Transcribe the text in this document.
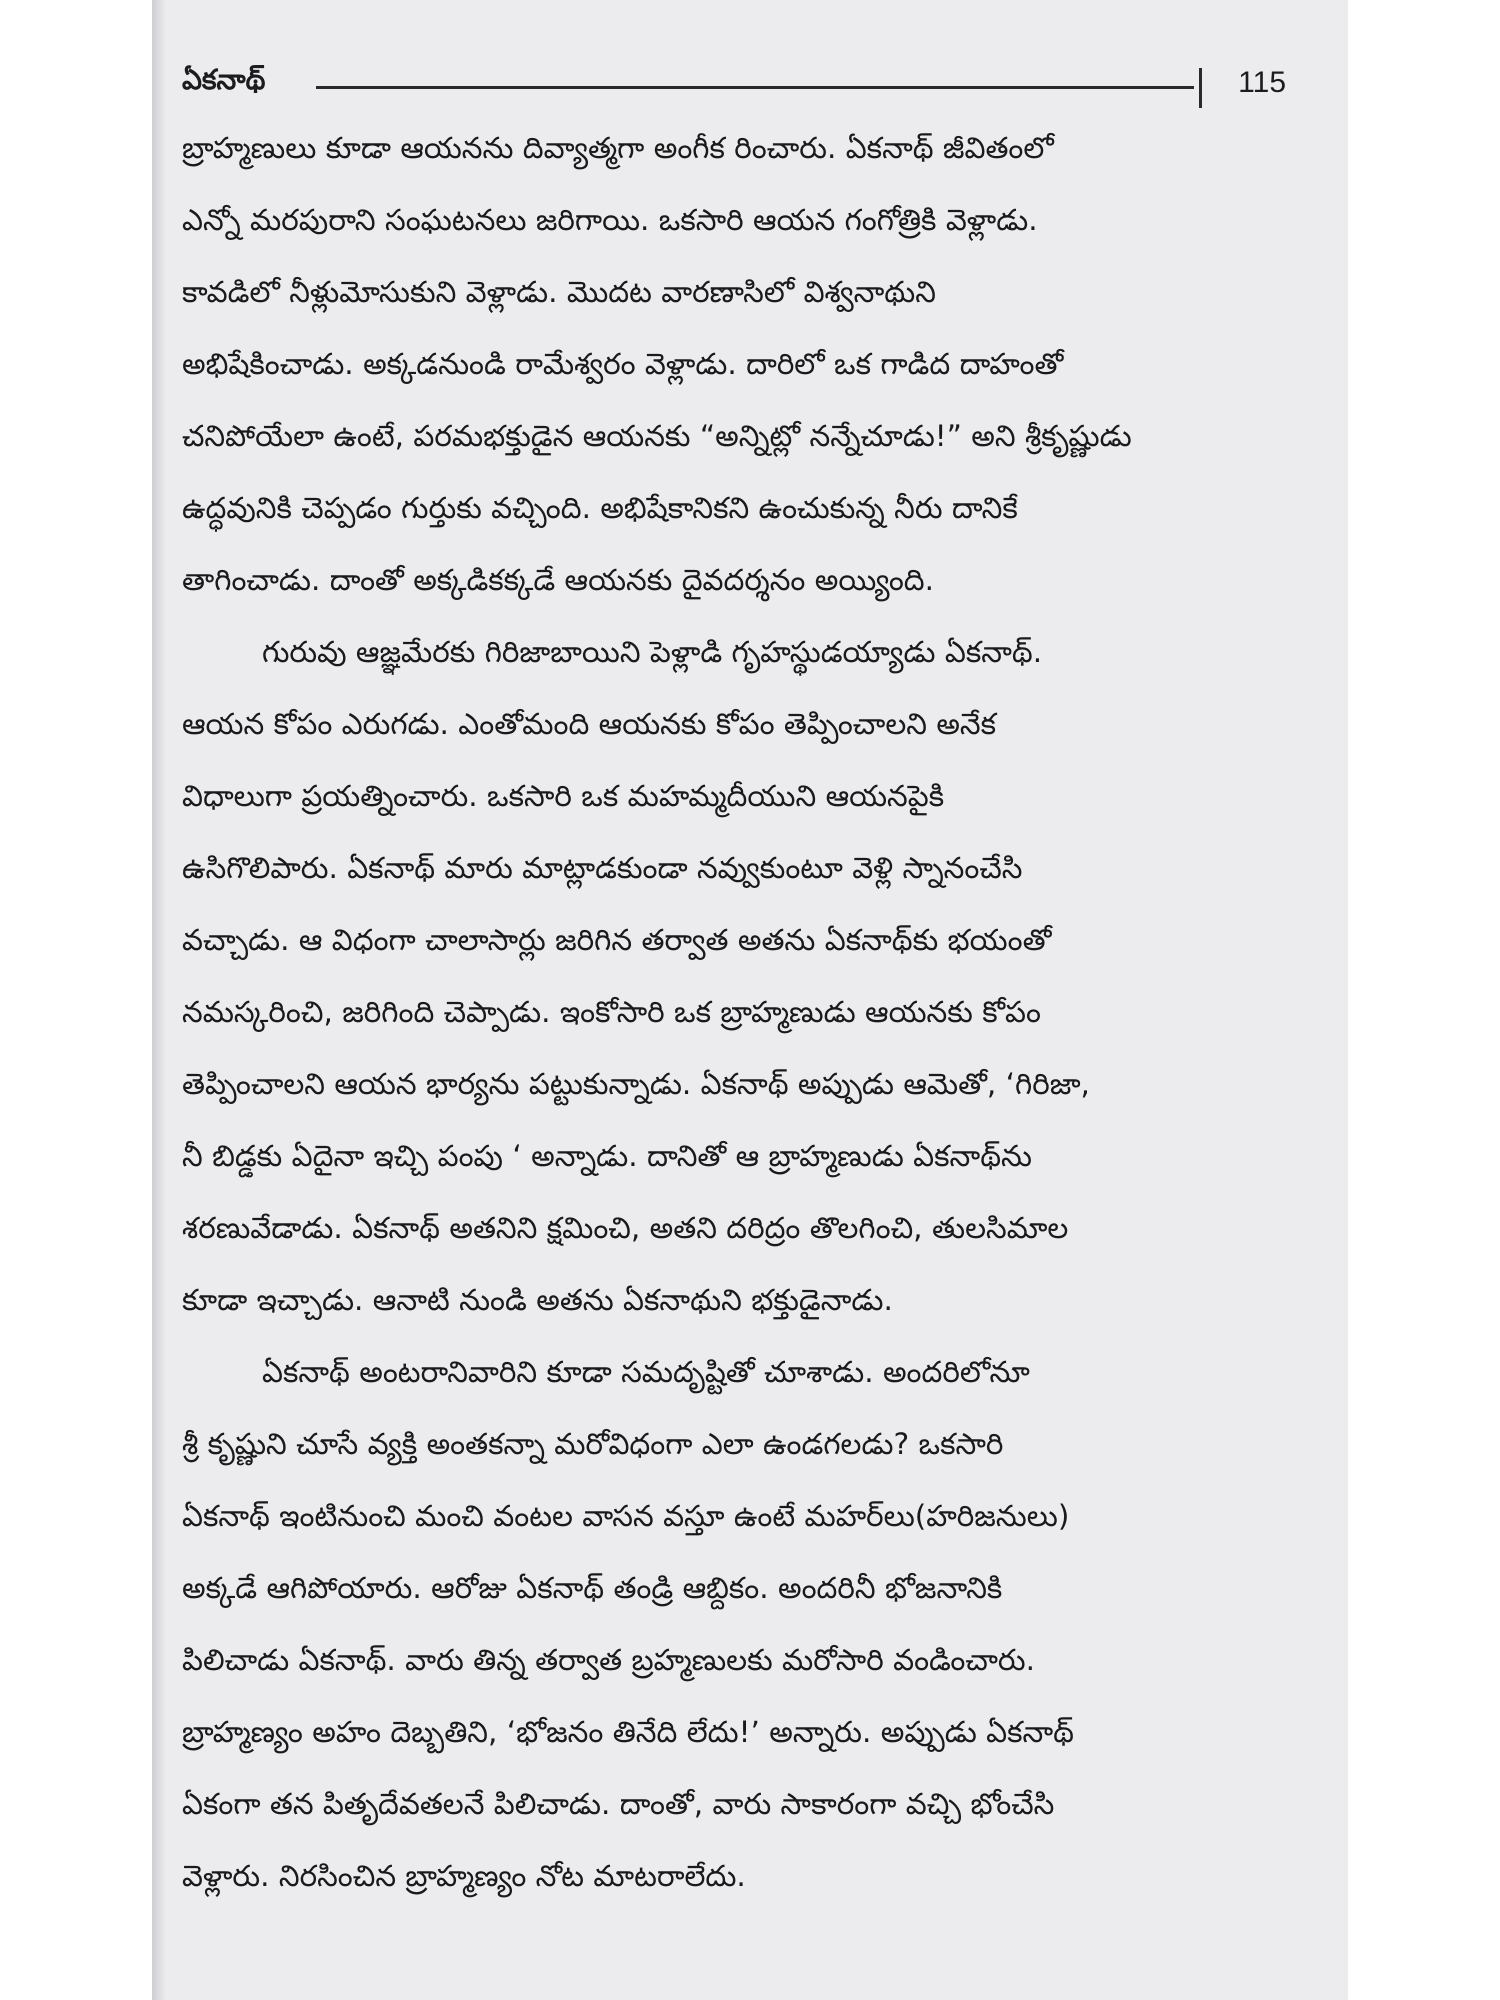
ఏకనాథ్	115

బ్రాహ్మణులు కూడా ఆయనను దివ్యాత్మగా అంగీక రించారు. ఏకనాథ్ జీవితంలో
ఎన్నో మరపురాని సంఘటనలు జరిగాయి. ఒకసారి ఆయన గంగోత్రికి వెళ్లాడు.
కావడిలో నీళ్లుమోసుకుని వెళ్లాడు. మొదట వారణాసిలో విశ్వనాథుని
అభిషేకించాడు. అక్కడనుండి రామేశ్వరం వెళ్లాడు. దారిలో ఒక గాడిద దాహంతో
చనిపోయేలా ఉంటే, పరమభక్తుడైన ఆయనకు “అన్నిట్లో నన్నేచూడు!” అని శ్రీకృష్ణుడు
ఉద్ధవునికి చెప్పడం గుర్తుకు వచ్చింది. అభిషేకానికని ఉంచుకున్న నీరు దానికే
తాగించాడు. దాంతో అక్కడికక్కడే ఆయనకు దైవదర్శనం అయ్యింది.

గురువు ఆజ్ఞమేరకు గిరిజాబాయిని పెళ్లాడి గృహస్థుడయ్యాడు ఏకనాథ్.
ఆయన కోపం ఎరుగడు. ఎంతోమంది ఆయనకు కోపం తెప్పించాలని అనేక
విధాలుగా ప్రయత్నించారు. ఒకసారి ఒక మహమ్మదీయుని ఆయనపైకి
ఉసిగొలిపారు. ఏకనాథ్ మారు మాట్లాడకుండా నవ్వుకుంటూ వెళ్లి స్నానంచేసి
వచ్చాడు. ఆ విధంగా చాలాసార్లు జరిగిన తర్వాత అతను ఏకనాథ్‌కు భయంతో
నమస్కరించి, జరిగింది చెప్పాడు. ఇంకోసారి ఒక బ్రాహ్మణుడు ఆయనకు కోపం
తెప్పించాలని ఆయన భార్యను పట్టుకున్నాడు. ఏకనాథ్ అప్పుడు ఆమెతో, ‘గిరిజా,
నీ బిడ్డకు ఏదైనా ఇచ్చి పంపు ‘ అన్నాడు. దానితో ఆ బ్రాహ్మణుడు ఏకనాథ్‌ను
శరణువేడాడు. ఏకనాథ్ అతనిని క్షమించి, అతని దరిద్రం తొలగించి, తులసిమాల
కూడా ఇచ్చాడు. ఆనాటి నుండి అతను ఏకనాథుని భక్తుడైనాడు.

ఏకనాథ్ అంటరానివారిని కూడా సమదృష్టితో చూశాడు. అందరిలోనూ
శ్రీ కృష్ణుని చూసే వ్యక్తి అంతకన్నా మరోవిధంగా ఎలా ఉండగలడు? ఒకసారి
ఏకనాథ్ ఇంటినుంచి మంచి వంటల వాసన వస్తూ ఉంటే మహర్‌లు(హరిజనులు)
అక్కడే ఆగిపోయారు. ఆరోజు ఏకనాథ్ తండ్రి ఆబ్దికం. అందరినీ భోజనానికి
పిలిచాడు ఏకనాథ్. వారు తిన్న తర్వాత బ్రహ్మణులకు మరోసారి వండించారు.
బ్రాహ్మణ్యం అహం దెబ్బతిని, ‘భోజనం తినేది లేదు!’ అన్నారు. అప్పుడు ఏకనాథ్
ఏకంగా తన పితృదేవతలనే పిలిచాడు. దాంతో, వారు సాకారంగా వచ్చి భోంచేసి
వెళ్లారు. నిరసించిన బ్రాహ్మణ్యం నోట మాటరాలేదు.
